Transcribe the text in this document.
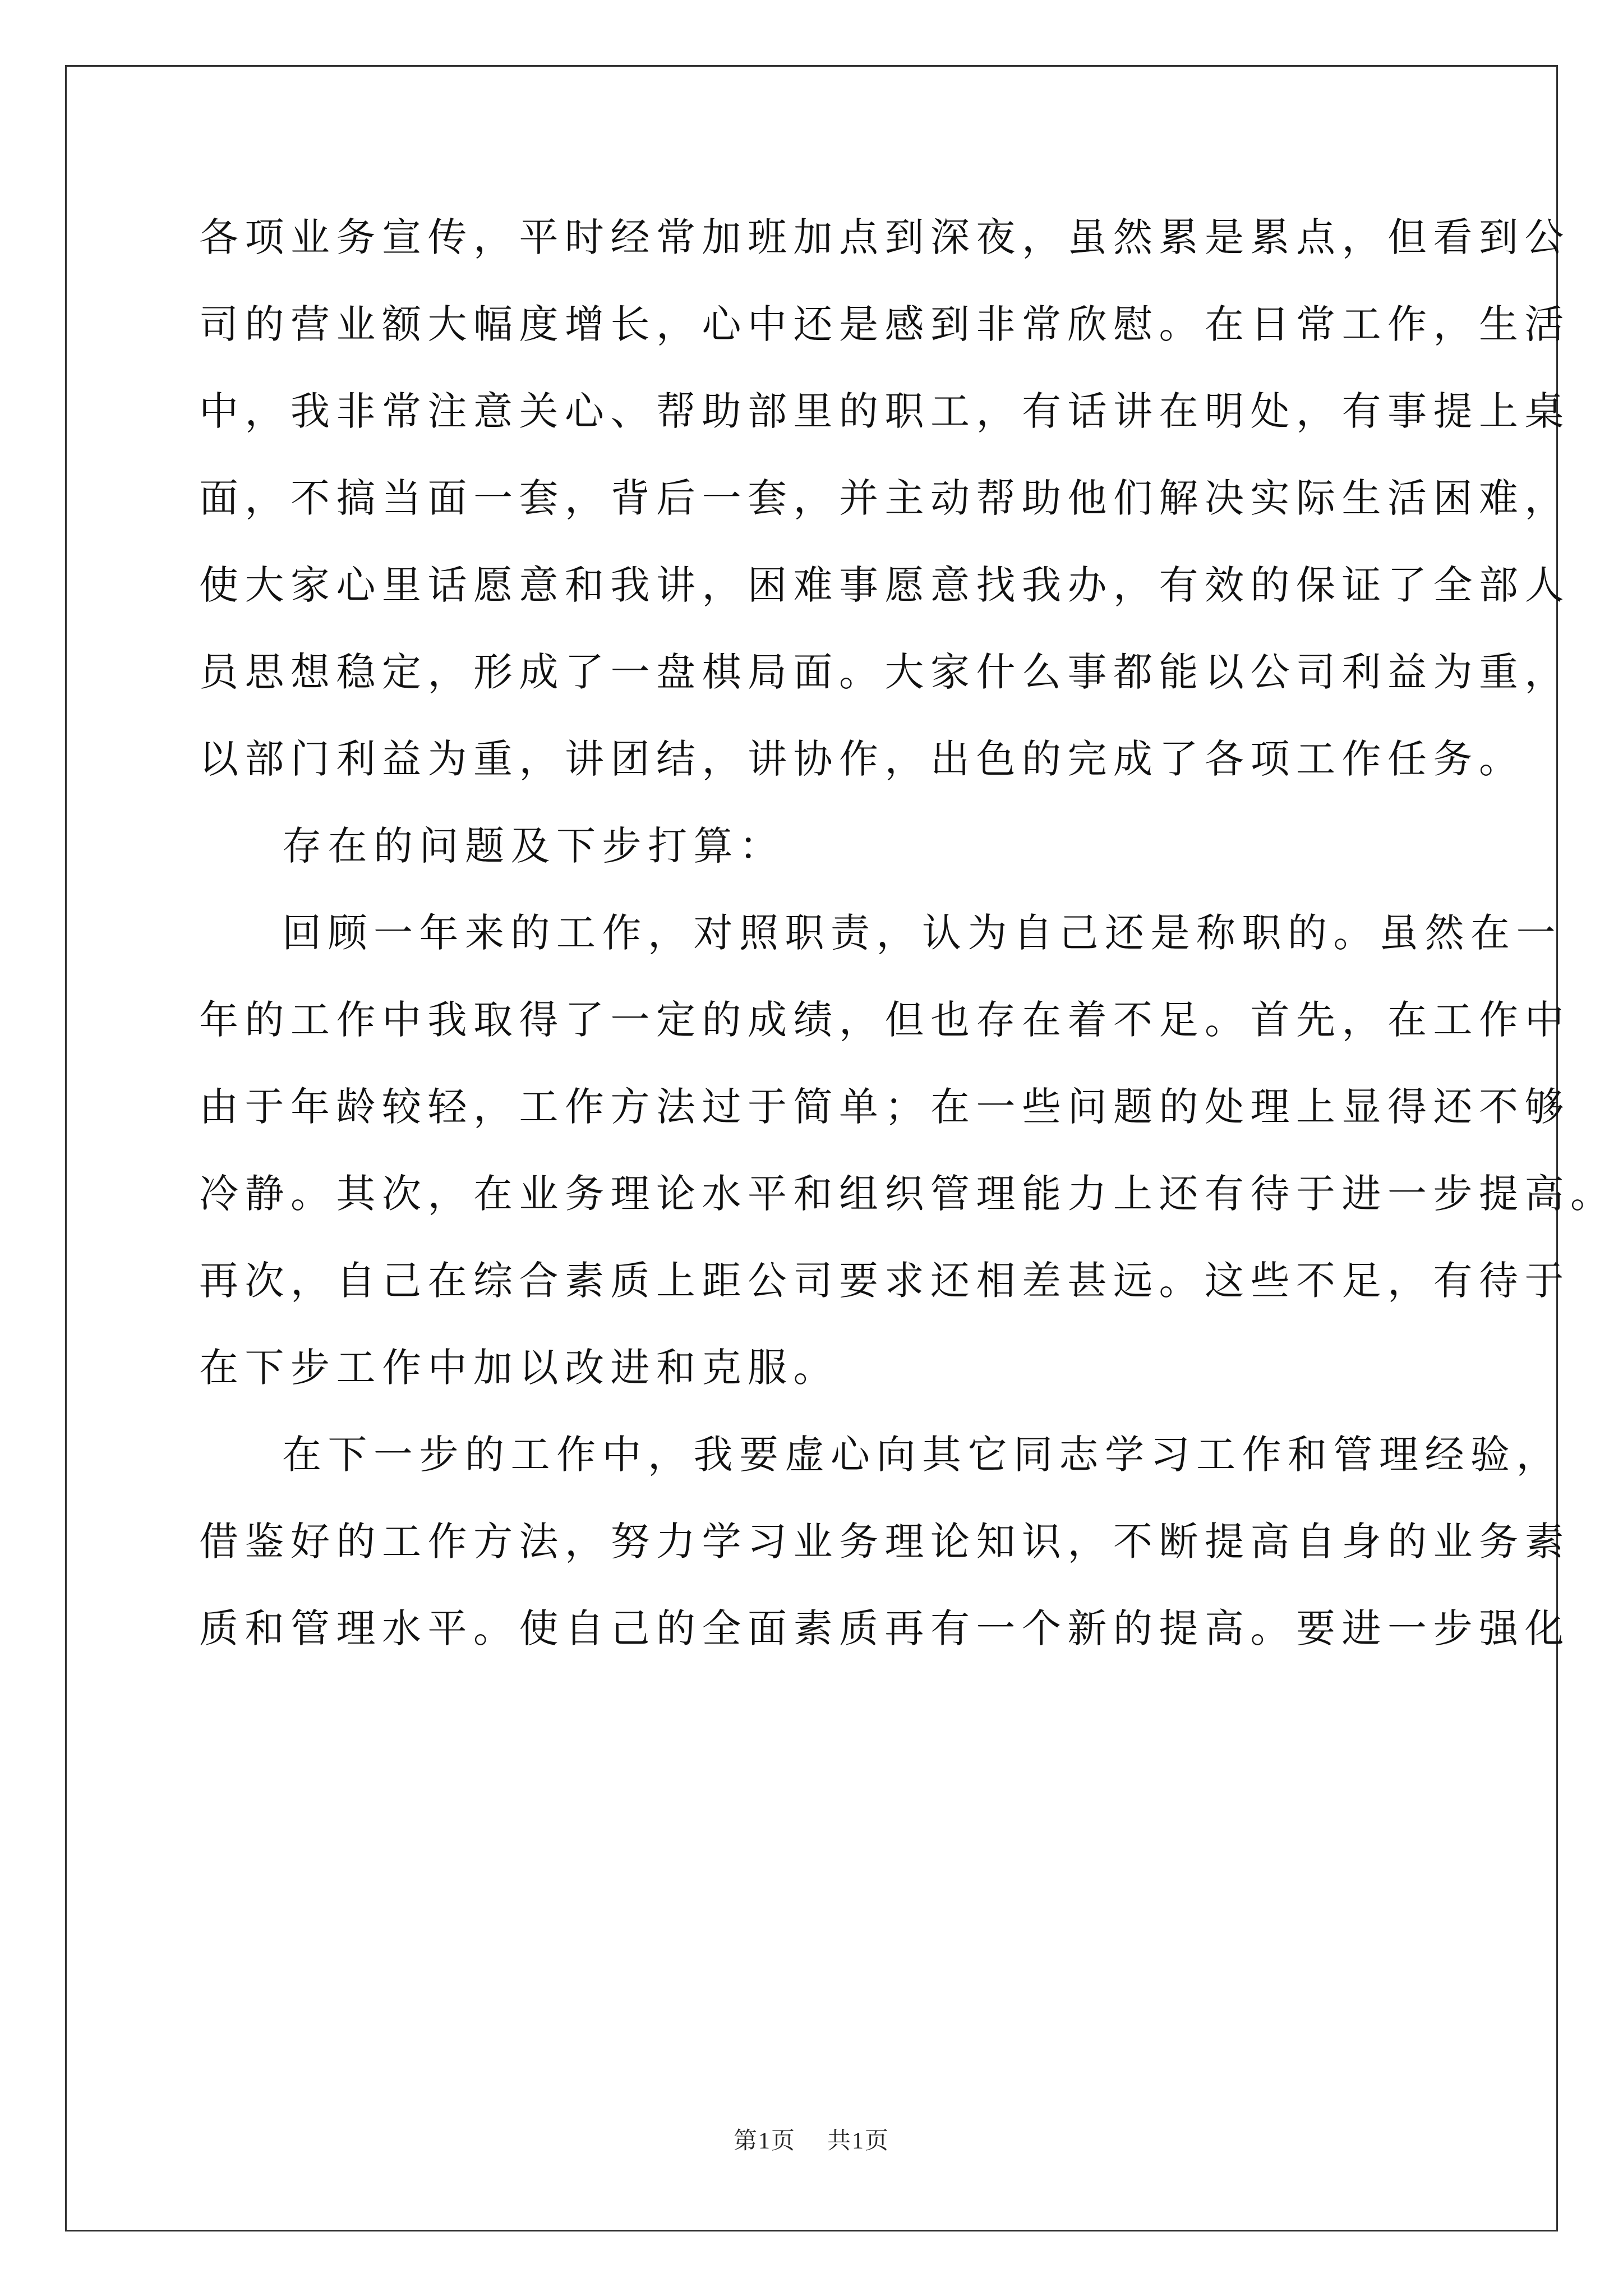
各项业务宣传，平时经常加班加点到深夜，虽然累是累点，但看到公
司的营业额大幅度增长，心中还是感到非常欣慰。在日常工作，生活
中，我非常注意关心、帮助部里的职工，有话讲在明处，有事提上桌
面，不搞当面一套，背后一套，并主动帮助他们解决实际生活困难，
使大家心里话愿意和我讲，困难事愿意找我办，有效的保证了全部人
员思想稳定，形成了一盘棋局面。大家什么事都能以公司利益为重，
以部门利益为重，讲团结，讲协作，出色的完成了各项工作任务。
存在的问题及下步打算：
回顾一年来的工作，对照职责，认为自己还是称职的。虽然在一
年的工作中我取得了一定的成绩，但也存在着不足。首先，在工作中
由于年龄较轻，工作方法过于简单；在一些问题的处理上显得还不够
冷静。其次，在业务理论水平和组织管理能力上还有待于进一步提高。
再次，自己在综合素质上距公司要求还相差甚远。这些不足，有待于
在下步工作中加以改进和克服。
在下一步的工作中，我要虚心向其它同志学习工作和管理经验，
借鉴好的工作方法，努力学习业务理论知识，不断提高自身的业务素
质和管理水平。使自己的全面素质再有一个新的提高。要进一步强化
第1页 共1页
